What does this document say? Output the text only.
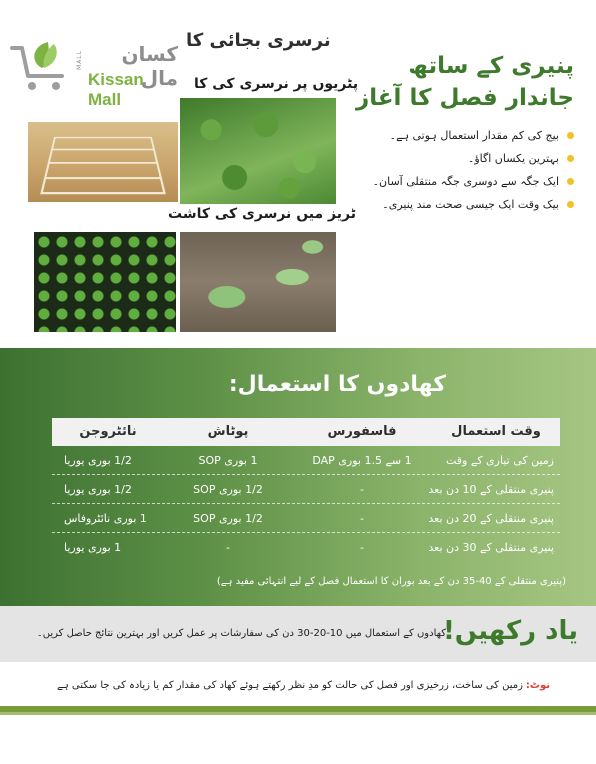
نرسری بجائی کا
پٹریوں پر نرسری کی کا
ٹریز میں نرسری کی کاشت
MALL	کسان مال
Kissan Mall
پنیری کے ساتھ
جاندار فصل کا آغاز
بیج کی کم مقدار استعمال ہوتی ہے۔
بہترین یکساں اگاؤ۔
ایک جگہ سے دوسری جگہ منتقلی آسان۔
بیک وقت ایک جیسی صحت مند پنیری۔
کھادوں کا استعمال:
نائٹروجن	پوٹاش	فاسفورس	وقت استعمال
1/2 بوری یوریا	1 بوری SOP	1 سے 1.5 بوری DAP	زمین کی تیاری کے وقت
1/2 بوری یوریا	1/2 بوری SOP	-	پنیری منتقلی کے 10 دن بعد
1 بوری نائٹروفاس	1/2 بوری SOP	-	پنیری منتقلی کے 20 دن بعد
1 بوری یوریا	-	-	پنیری منتقلی کے 30 دن بعد
(پنیری منتقلی کے 40-35 دن کے بعد بوران کا استعمال فصل کے لیے انتہائی مفید ہے)
یاد رکھیں!
کھادوں کے استعمال میں 10-20-30 دن کی سفارشات پر عمل کریں اور بہترین نتائج حاصل کریں۔
نوٹ:زمین کی ساخت، زرخیزی اور فصل کی حالت کو مدِ نظر رکھتے ہوئے کھاد کی مقدار کم یا زیادہ کی جا سکتی ہے
